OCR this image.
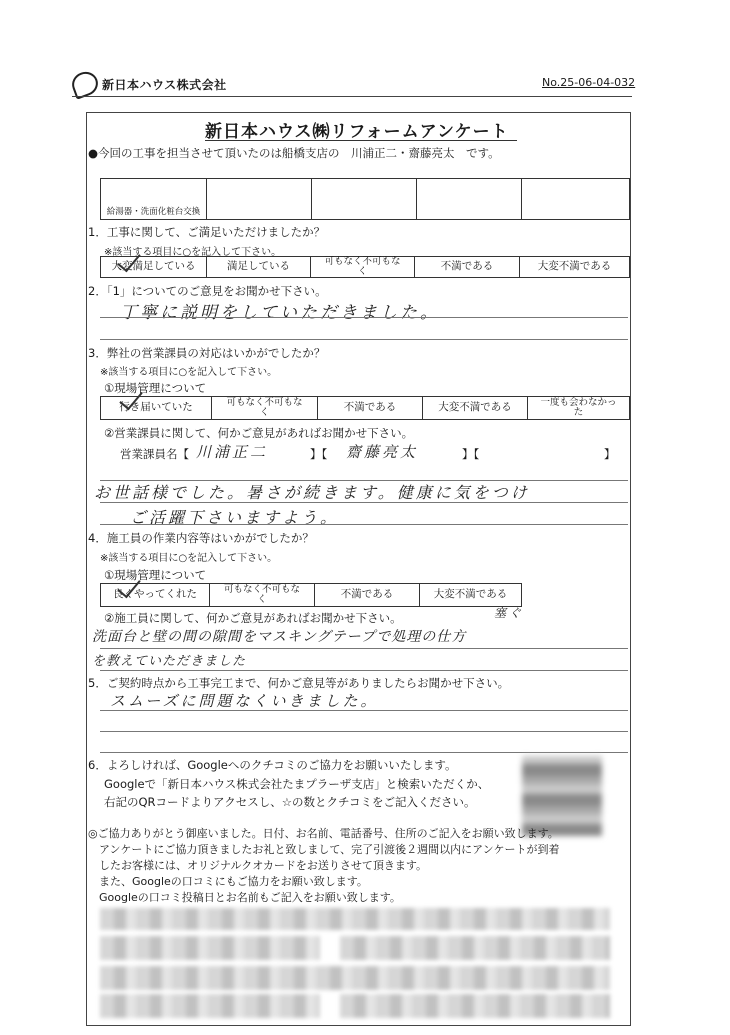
新日本ハウス株式会社	No.25-06-04-032
新日本ハウス㈱リフォームアンケート
●今回の工事を担当させて頂いたのは船橋支店の　川浦正二・齋藤亮太　です。
給湯器・洗面化粧台交換
1．工事に関して、ご満足いただけましたか？
※該当する項目に○を記入して下さい。
大変満足している	満足している	可もなく不可もな
く	不満である	大変不満である
2．「1」についてのご意見をお聞かせ下さい。
丁寧に説明をしていただきました。
3．弊社の営業課員の対応はいかがでしたか？
※該当する項目に○を記入して下さい。
①現場管理について
行き届いていた	可もなく不可もな
く	不満である	大変不満である	一度も会わなかっ
た
②営業課員に関して、何かご意見があればお聞かせ下さい。
営業課員名【 川浦正二	】【 齋藤亮太	】【	】
お世話様でした。暑さが続きます。健康に気をつけ
ご活躍下さいますよう。
4．施工員の作業内容等はいかがでしたか？
※該当する項目に○を記入して下さい。
①現場管理について
良くやってくれた	可もなく不可もな
く	不満である	大変不満である
②施工員に関して、何かご意見があればお聞かせ下さい。	塞ぐ
洗面台と壁の間の隙間をマスキングテープで処理の仕方
を教えていただきました
5．ご契約時点から工事完工まで、何かご意見等がありましたらお聞かせ下さい。
スムーズに問題なくいきました。
6．よろしければ、Googleへのクチコミのご協力をお願いいたします。
Googleで「新日本ハウス株式会社たまプラーザ支店」と検索いただくか、
右記のQRコードよりアクセスし、☆の数とクチコミをご記入ください。
◎ご協力ありがとう御座いました。日付、お名前、電話番号、住所のご記入をお願い致します。
　アンケートにご協力頂きましたお礼と致しまして、完了引渡後２週間以内にアンケートが到着
　したお客様には、オリジナルクオカードをお送りさせて頂きます。
　また、Googleの口コミにもご協力をお願い致します。
　Googleの口コミ投稿日とお名前もご記入をお願い致します。
